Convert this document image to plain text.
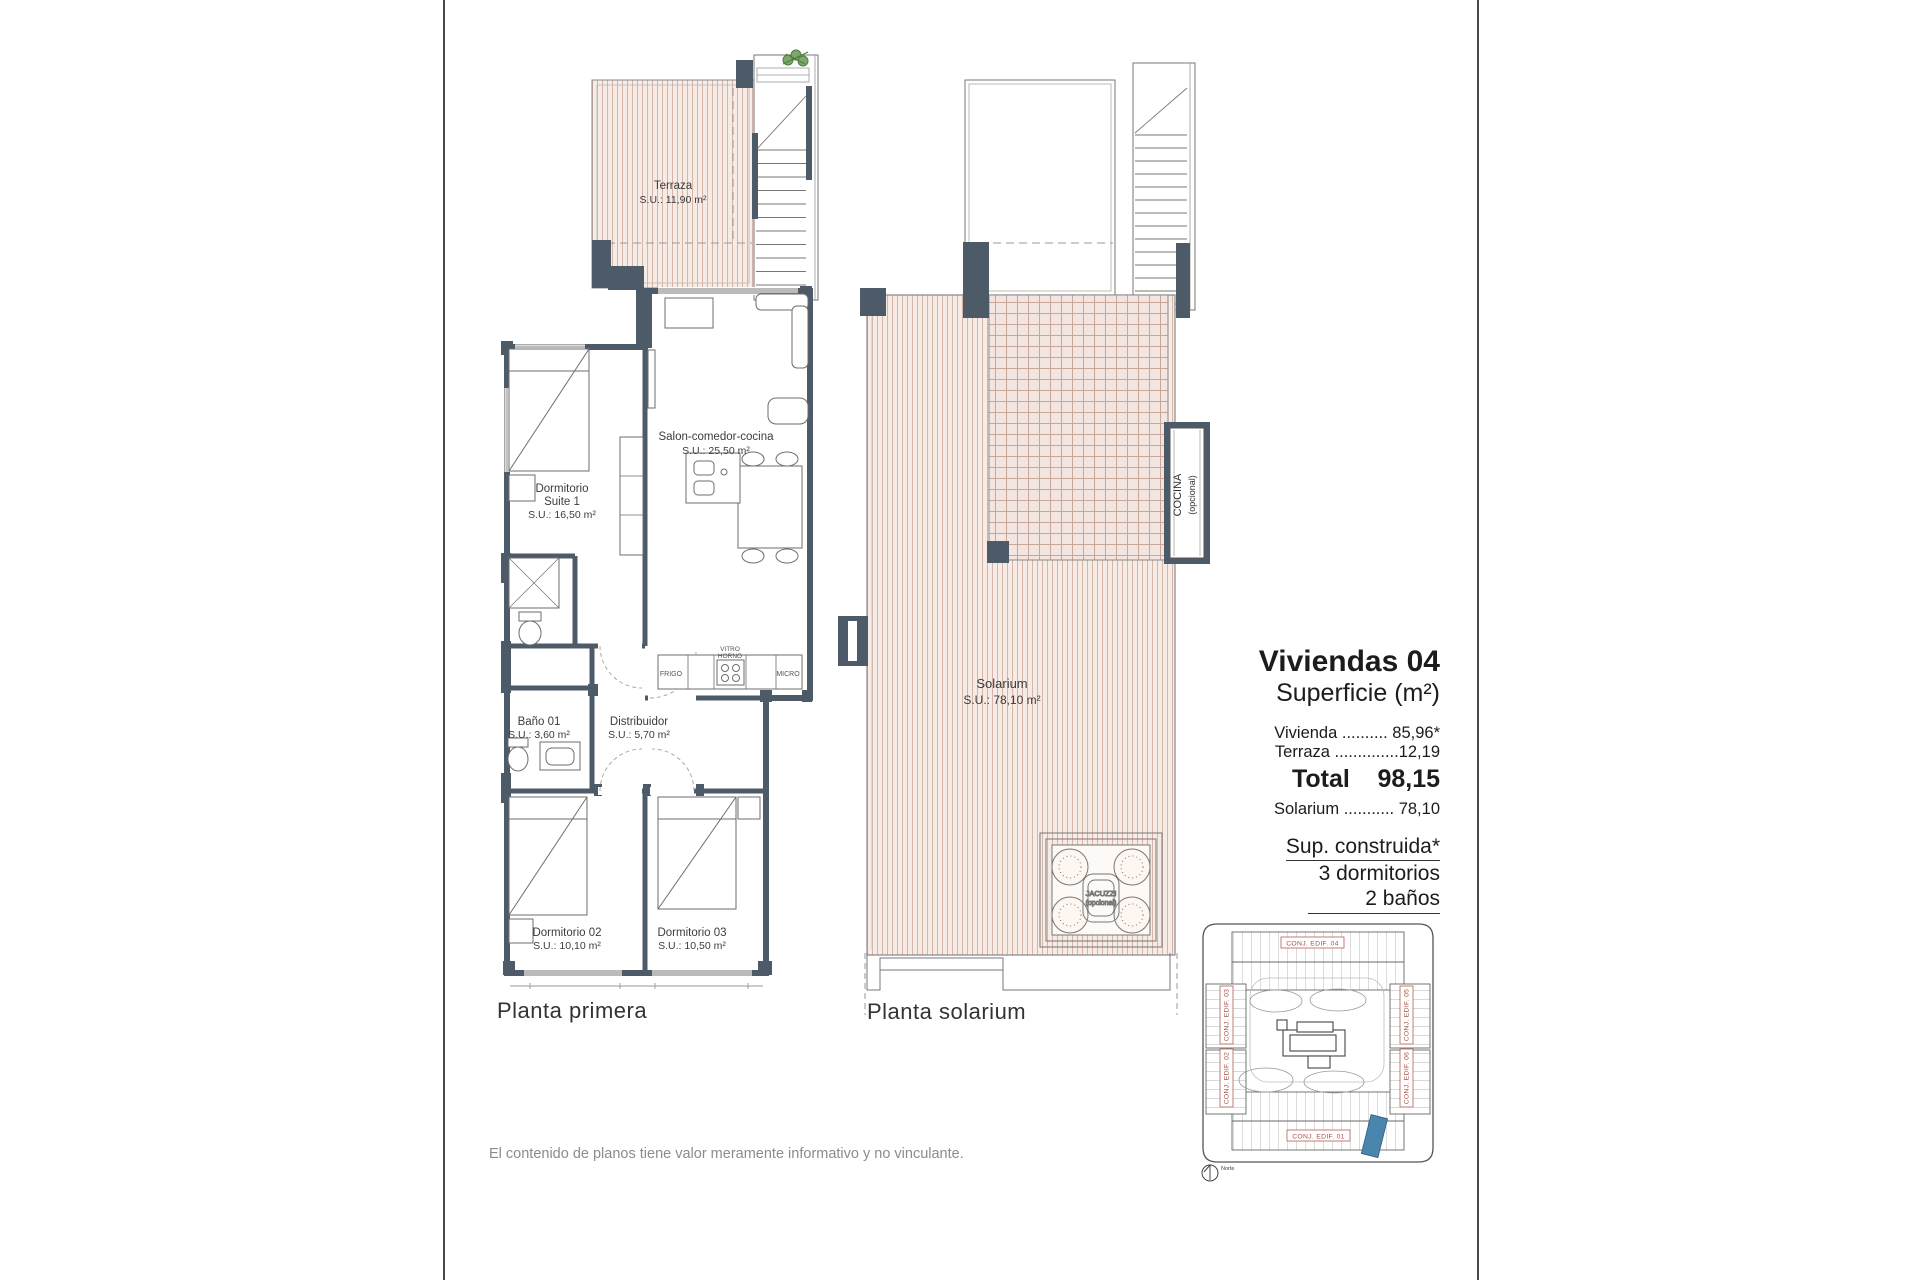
Terraza
S.U.: 11,90 m²
Salon-comedor-cocina
S.U.: 25,50 m²
Dormitorio
Suite 1
S.U.: 16,50 m²
Baño 01
S.U.: 3,60 m²
Distribuidor
S.U.: 5,70 m²
Dormitorio 02
S.U.: 10,10 m²
Dormitorio 03
S.U.: 10,50 m²
FRIGO
VITRO
HORNO
MICRO
COCINA (opcional)
JACUZZI
(opcional)
Solarium
S.U.: 78,10 m²
CONJ. EDIF. 04
CONJ. EDIF. 01
CONJ. EDIF. 03
CONJ. EDIF. 02
CONJ. EDIF. 05
CONJ. EDIF. 06
Norte
Planta primera	Planta solarium
Viviendas 04
Superficie (m²)
Vivienda .......... 85,96*
Terraza ..............12,19
Total 98,15
Solarium ........... 78,10
Sup. construida*
3 dormitorios
2 baños
El contenido de planos tiene valor meramente informativo y no vinculante.
